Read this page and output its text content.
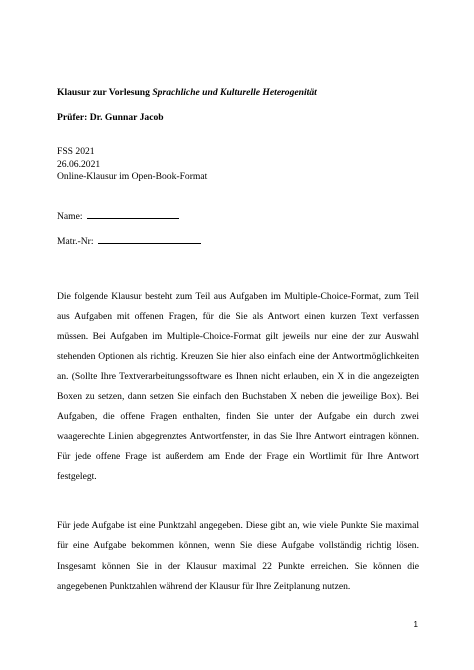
Klausur zur Vorlesung Sprachliche und Kulturelle Heterogenität
Prüfer: Dr. Gunnar Jacob
FSS 2021
26.06.2021
Online-Klausur im Open-Book-Format
Name:
Matr.-Nr:

Die folgende Klausur besteht zum Teil aus Aufgaben im Multiple-Choice-Format, zum Teil aus Aufgaben mit offenen Fragen, für die Sie als Antwort einen kurzen Text verfassen müssen. Bei Aufgaben im Multiple-Choice-Format gilt jeweils nur eine der zur Auswahl stehenden Optionen als richtig. Kreuzen Sie hier also einfach eine der Antwortmöglichkeiten an. (Sollte Ihre Textverarbeitungssoftware es Ihnen nicht erlauben, ein X in die angezeigten Boxen zu setzen, dann setzen Sie einfach den Buchstaben X neben die jeweilige Box). Bei Aufgaben, die offene Fragen enthalten, finden Sie unter der Aufgabe ein durch zwei waagerechte Linien abgegrenztes Antwortfenster, in das Sie Ihre Antwort eintragen können. Für jede offene Frage ist außerdem am Ende der Frage ein Wortlimit für Ihre Antwort festgelegt.

Für jede Aufgabe ist eine Punktzahl angegeben. Diese gibt an, wie viele Punkte Sie maximal für eine Aufgabe bekommen können, wenn Sie diese Aufgabe vollständig richtig lösen. Insgesamt können Sie in der Klausur maximal 22 Punkte erreichen. Sie können die angegebenen Punktzahlen während der Klausur für Ihre Zeitplanung nutzen.

1
